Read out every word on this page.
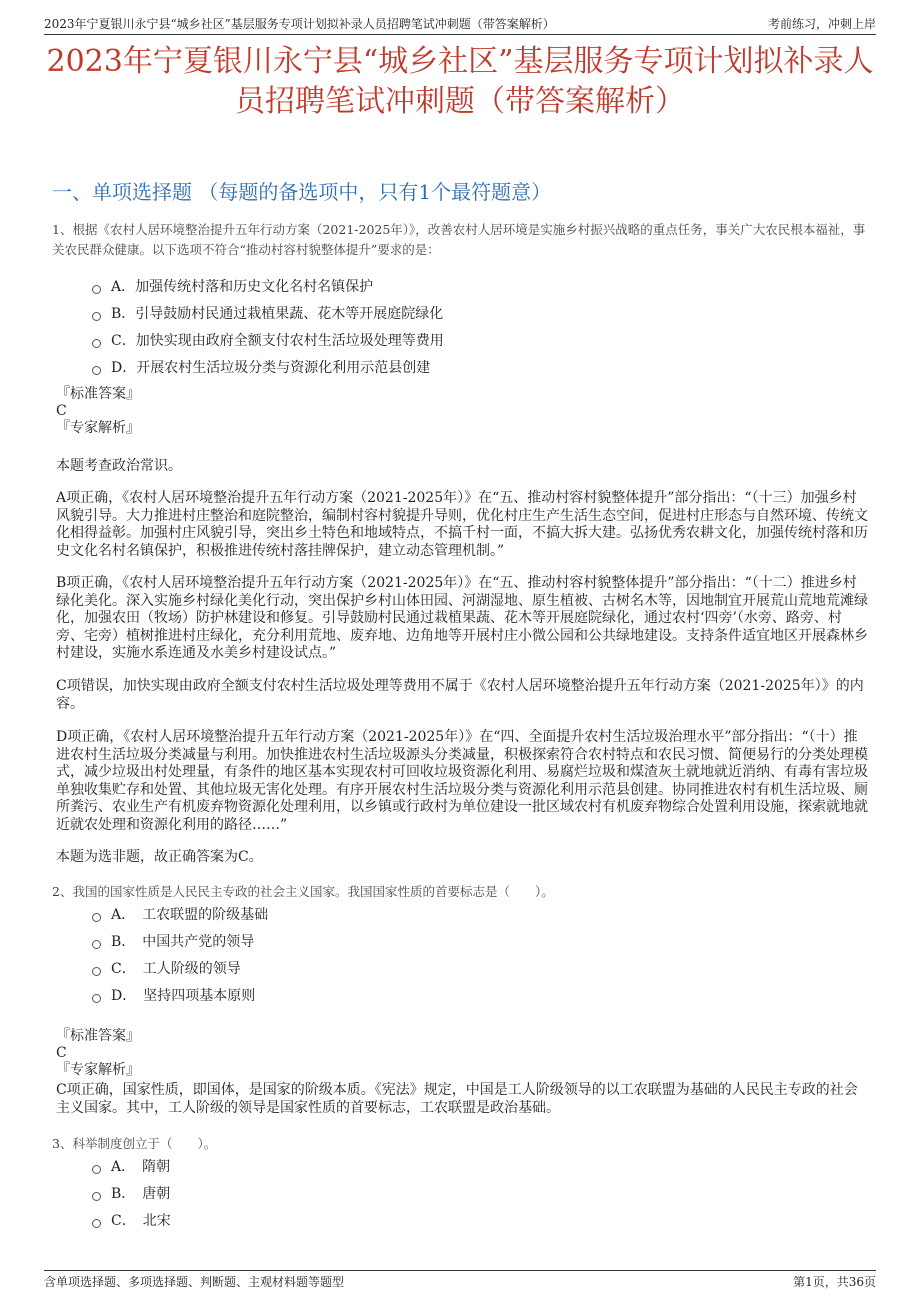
2023年宁夏银川永宁县“城乡社区”基层服务专项计划拟补录人员招聘笔试冲刺题（带答案解析）	考前练习，冲刺上岸
2023年宁夏银川永宁县“城乡社区”基层服务专项计划拟补录人员招聘笔试冲刺题（带答案解析）
一、单项选择题 （每题的备选项中，只有1个最符题意）
1、根据《农村人居环境整治提升五年行动方案（2021-2025年）》，改善农村人居环境是实施乡村振兴战略的重点任务，事关广大农民根本福祉，事关农民群众健康。以下选项不符合“推动村容村貌整体提升”要求的是：
A．加强传统村落和历史文化名村名镇保护
B．引导鼓励村民通过栽植果蔬、花木等开展庭院绿化
C．加快实现由政府全额支付农村生活垃圾处理等费用
D．开展农村生活垃圾分类与资源化利用示范县创建
『标准答案』
C
『专家解析』
本题考查政治常识。
A项正确，《农村人居环境整治提升五年行动方案（2021-2025年）》在“五、推动村容村貌整体提升”部分指出：“（十三）加强乡村风貌引导。大力推进村庄整治和庭院整治，编制村容村貌提升导则，优化村庄生产生活生态空间，促进村庄形态与自然环境、传统文化相得益彰。加强村庄风貌引导，突出乡土特色和地域特点，不搞千村一面，不搞大拆大建。弘扬优秀农耕文化，加强传统村落和历史文化名村名镇保护，积极推进传统村落挂牌保护，建立动态管理机制。”
B项正确，《农村人居环境整治提升五年行动方案（2021-2025年）》在“五、推动村容村貌整体提升”部分指出：“（十二）推进乡村绿化美化。深入实施乡村绿化美化行动，突出保护乡村山体田园、河湖湿地、原生植被、古树名木等，因地制宜开展荒山荒地荒滩绿化，加强农田（牧场）防护林建设和修复。引导鼓励村民通过栽植果蔬、花木等开展庭院绿化，通过农村‘四旁’（水旁、路旁、村旁、宅旁）植树推进村庄绿化，充分利用荒地、废弃地、边角地等开展村庄小微公园和公共绿地建设。支持条件适宜地区开展森林乡村建设，实施水系连通及水美乡村建设试点。”
C项错误，加快实现由政府全额支付农村生活垃圾处理等费用不属于《农村人居环境整治提升五年行动方案（2021-2025年）》的内容。
D项正确，《农村人居环境整治提升五年行动方案（2021-2025年）》在“四、全面提升农村生活垃圾治理水平”部分指出：“（十）推进农村生活垃圾分类减量与利用。加快推进农村生活垃圾源头分类减量，积极探索符合农村特点和农民习惯、简便易行的分类处理模式，减少垃圾出村处理量，有条件的地区基本实现农村可回收垃圾资源化利用、易腐烂垃圾和煤渣灰土就地就近消纳、有毒有害垃圾单独收集贮存和处置、其他垃圾无害化处理。有序开展农村生活垃圾分类与资源化利用示范县创建。协同推进农村有机生活垃圾、厕所粪污、农业生产有机废弃物资源化处理利用，以乡镇或行政村为单位建设一批区域农村有机废弃物综合处置利用设施，探索就地就近就农处理和资源化利用的路径……”
本题为选非题，故正确答案为C。
2、我国的国家性质是人民民主专政的社会主义国家。我国国家性质的首要标志是（　　）。
A．　工农联盟的阶级基础
B．　中国共产党的领导
C．　工人阶级的领导
D．　坚持四项基本原则
『标准答案』
C
『专家解析』
C项正确，国家性质，即国体，是国家的阶级本质。《宪法》规定，中国是工人阶级领导的以工农联盟为基础的人民民主专政的社会主义国家。其中，工人阶级的领导是国家性质的首要标志，工农联盟是政治基础。
3、科举制度创立于（　　）。
A．　隋朝
B．　唐朝
C．　北宋
含单项选择题、多项选择题、判断题、主观材料题等题型	第1页，共36页
